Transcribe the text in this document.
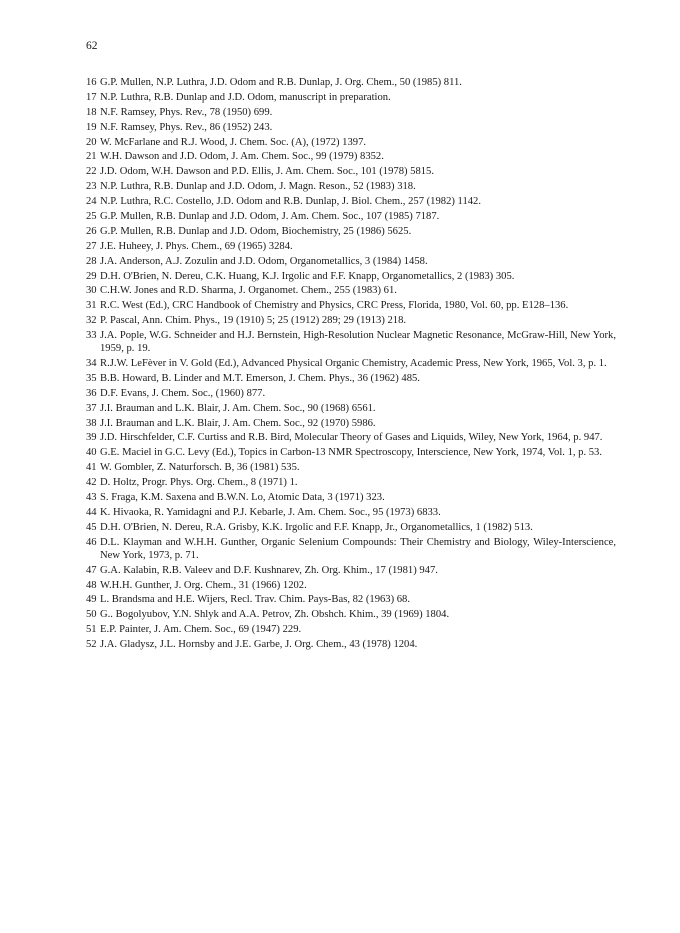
62
16 G.P. Mullen, N.P. Luthra, J.D. Odom and R.B. Dunlap, J. Org. Chem., 50 (1985) 811.
17 N.P. Luthra, R.B. Dunlap and J.D. Odom, manuscript in preparation.
18 N.F. Ramsey, Phys. Rev., 78 (1950) 699.
19 N.F. Ramsey, Phys. Rev., 86 (1952) 243.
20 W. McFarlane and R.J. Wood, J. Chem. Soc. (A), (1972) 1397.
21 W.H. Dawson and J.D. Odom, J. Am. Chem. Soc., 99 (1979) 8352.
22 J.D. Odom, W.H. Dawson and P.D. Ellis, J. Am. Chem. Soc., 101 (1978) 5815.
23 N.P. Luthra, R.B. Dunlap and J.D. Odom, J. Magn. Reson., 52 (1983) 318.
24 N.P. Luthra, R.C. Costello, J.D. Odom and R.B. Dunlap, J. Biol. Chem., 257 (1982) 1142.
25 G.P. Mullen, R.B. Dunlap and J.D. Odom, J. Am. Chem. Soc., 107 (1985) 7187.
26 G.P. Mullen, R.B. Dunlap and J.D. Odom, Biochemistry, 25 (1986) 5625.
27 J.E. Huheey, J. Phys. Chem., 69 (1965) 3284.
28 J.A. Anderson, A.J. Zozulin and J.D. Odom, Organometallics, 3 (1984) 1458.
29 D.H. O'Brien, N. Dereu, C.K. Huang, K.J. Irgolic and F.F. Knapp, Organometallics, 2 (1983) 305.
30 C.H.W. Jones and R.D. Sharma, J. Organomet. Chem., 255 (1983) 61.
31 R.C. West (Ed.), CRC Handbook of Chemistry and Physics, CRC Press, Florida, 1980, Vol. 60, pp. E128–136.
32 P. Pascal, Ann. Chim. Phys., 19 (1910) 5; 25 (1912) 289; 29 (1913) 218.
33 J.A. Pople, W.G. Schneider and H.J. Bernstein, High-Resolution Nuclear Magnetic Resonance, McGraw-Hill, New York, 1959, p. 19.
34 R.J.W. LeFèver in V. Gold (Ed.), Advanced Physical Organic Chemistry, Academic Press, New York, 1965, Vol. 3, p. 1.
35 B.B. Howard, B. Linder and M.T. Emerson, J. Chem. Phys., 36 (1962) 485.
36 D.F. Evans, J. Chem. Soc., (1960) 877.
37 J.I. Brauman and L.K. Blair, J. Am. Chem. Soc., 90 (1968) 6561.
38 J.I. Brauman and L.K. Blair, J. Am. Chem. Soc., 92 (1970) 5986.
39 J.D. Hirschfelder, C.F. Curtiss and R.B. Bird, Molecular Theory of Gases and Liquids, Wiley, New York, 1964, p. 947.
40 G.E. Maciel in G.C. Levy (Ed.), Topics in Carbon-13 NMR Spectroscopy, Interscience, New York, 1974, Vol. 1, p. 53.
41 W. Gombler, Z. Naturforsch. B, 36 (1981) 535.
42 D. Holtz, Progr. Phys. Org. Chem., 8 (1971) 1.
43 S. Fraga, K.M. Saxena and B.W.N. Lo, Atomic Data, 3 (1971) 323.
44 K. Hivaoka, R. Yamidagni and P.J. Kebarle, J. Am. Chem. Soc., 95 (1973) 6833.
45 D.H. O'Brien, N. Dereu, R.A. Grisby, K.K. Irgolic and F.F. Knapp, Jr., Organometallics, 1 (1982) 513.
46 D.L. Klayman and W.H.H. Gunther, Organic Selenium Compounds: Their Chemistry and Biology, Wiley-Interscience, New York, 1973, p. 71.
47 G.A. Kalabin, R.B. Valeev and D.F. Kushnarev, Zh. Org. Khim., 17 (1981) 947.
48 W.H.H. Gunther, J. Org. Chem., 31 (1966) 1202.
49 L. Brandsma and H.E. Wijers, Recl. Trav. Chim. Pays-Bas, 82 (1963) 68.
50 G.. Bogolyubov, Y.N. Shlyk and A.A. Petrov, Zh. Obshch. Khim., 39 (1969) 1804.
51 E.P. Painter, J. Am. Chem. Soc., 69 (1947) 229.
52 J.A. Gladysz, J.L. Hornsby and J.E. Garbe, J. Org. Chem., 43 (1978) 1204.
